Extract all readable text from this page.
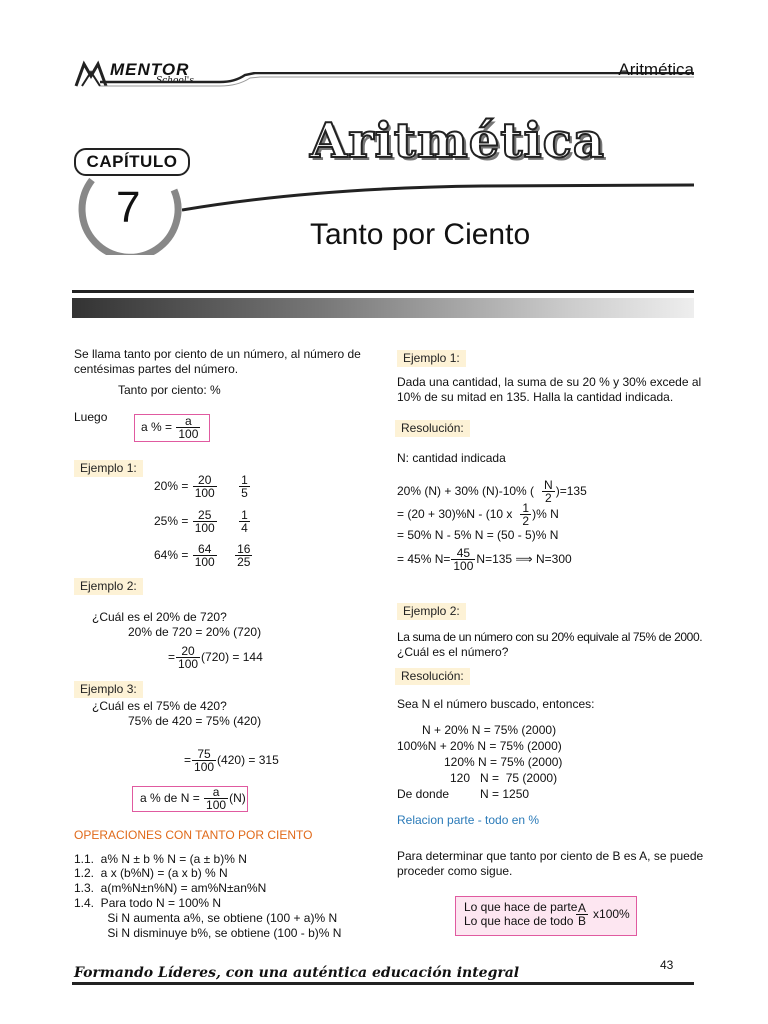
MENTOR
School's
Aritmética
CAPÍTULO
7
Aritmética
Tanto por Ciento
Se llama tanto por ciento de un número, al número de
centésimas partes del número.
Tanto por ciento: %
Luego
a % = $\frac{a}{100}$
Ejemplo 1:
$20\% = \frac{20}{100}$
$\frac{1}{5}$
$25\% = \frac{25}{100}$
$\frac{1}{4}$
$64\% = \frac{64}{100}$
$\frac{16}{25}$
Ejemplo 2:
¿Cuál es el 20% de 720?
20% de 720 = 20% (720)
= $\frac{20}{100} (720) = 144$
Ejemplo 3:
¿Cuál es el 75% de 420?
75% de 420 = 75% (420)
= $\frac{75}{100} (420) = 315$
a % de $N = \frac{a}{100} (N)$
OPERACIONES CON TANTO POR CIENTO
1.1.  a% N ± b % N = (a ± b)% N
1.2.  a x (b%N) = (a x b) % N
1.3.  a(m%N±n%N) = am%N±an%N
1.4.  Para todo N = 100% N
Si N aumenta a%, se obtiene (100 + a)% N
Si N disminuye b%, se obtiene (100 - b)% N
Ejemplo 1:
Dada una cantidad, la suma de su 20 % y 30% excede al
10% de su mitad en 135. Halla la cantidad indicada.
Resolución:
N: cantidad indicada
20% (N) + 30% (N)-10% ( $\frac{N}{2} )=135$
= (20 + 30)%N - (10 x $\frac{1}{2}$ )% N
= 50% N - 5% N = (50 - 5)% N
= 45% $N= \frac{45}{100} N=135$ ⟹ N=300
Ejemplo 2:
La suma de un número con su 20% equivale al 75% de 2000.
¿Cuál es el número?
Resolución:
Sea N el número buscado, entonces:
N + 20% N = 75% (2000)
100%N + 20% N = 75% (2000)
120% N = 75% (2000)
120   N =  75 (2000)
De donde	N = 1250
Relacion parte - todo en %
Para determinar que tanto por ciento de B es A, se puede
proceder como sigue.
Lo que hace de parte
Lo que hace de todo $\frac{A}{B} x100\%$
43
Formando Líderes, con una auténtica educación integral
